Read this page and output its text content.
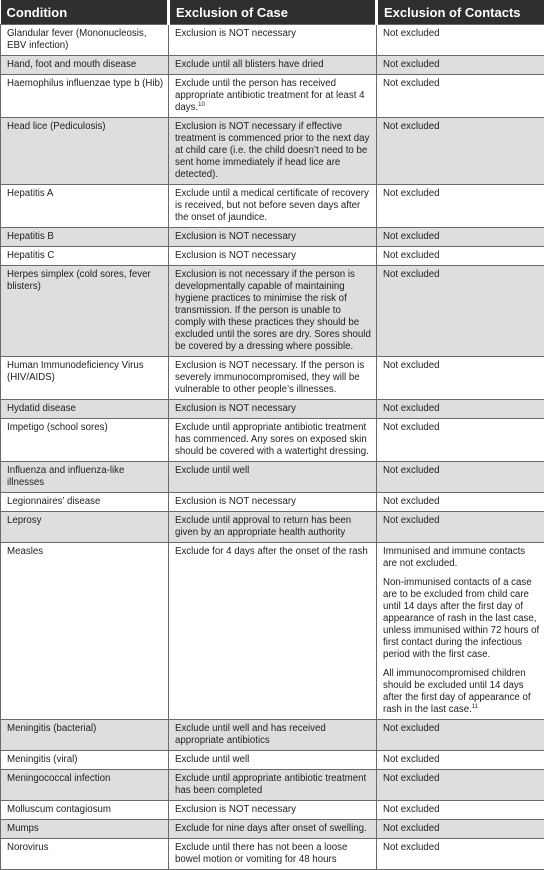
Condition	Exclusion of Case	Exclusion of Contacts
Glandular fever (Mononucleosis, EBV infection)	Exclusion is NOT necessary	Not excluded

Hand, foot and mouth disease	Exclude until all blisters have dried	Not excluded

Haemophilus influenzae type b (Hib)	Exclude until the person has received appropriate antibiotic treatment for at least 4 days.$^{10}$	Not excluded

Head lice (Pediculosis)	Exclusion is NOT necessary if effective treatment is commenced prior to the next day at child care (i.e. the child doesn’t need to be sent home immediately if head lice are detected).	Not excluded

Hepatitis A	Exclude until a medical certificate of recovery is received, but not before seven days after the onset of jaundice.	Not excluded

Hepatitis B	Exclusion is NOT necessary	Not excluded

Hepatitis C	Exclusion is NOT necessary	Not excluded

Herpes simplex (cold sores, fever blisters)	Exclusion is not necessary if the person is developmentally capable of maintaining hygiene practices to minimise the risk of transmission. If the person is unable to comply with these practices they should be excluded until the sores are dry. Sores should be covered by a dressing where possible.	Not excluded

Human Immunodeficiency Virus (HIV/AIDS)	Exclusion is NOT necessary. If the person is severely immunocompromised, they will be vulnerable to other people’s illnesses.	Not excluded

Hydatid disease	Exclusion is NOT necessary	Not excluded

Impetigo (school sores)	Exclude until appropriate antibiotic treatment has commenced. Any sores on exposed skin should be covered with a watertight dressing.	Not excluded

Influenza and influenza-like illnesses	Exclude until well	Not excluded

Legionnaires’ disease	Exclusion is NOT necessary	Not excluded

Leprosy	Exclude until approval to return has been given by an appropriate health authority	Not excluded

Measles	Exclude for 4 days after the onset of the rash	Immunised and immune contacts are not excluded.
Non-immunised contacts of a case are to be excluded from child care until 14 days after the first day of appearance of rash in the last case, unless immunised within 72 hours of first contact during the infectious period with the first case.
All immunocompromised children should be excluded until 14 days after the first day of appearance of rash in the last case.$^{11}$

Meningitis (bacterial)	Exclude until well and has received appropriate antibiotics	Not excluded

Meningitis (viral)	Exclude until well	Not excluded

Meningococcal infection	Exclude until appropriate antibiotic treatment has been completed	Not excluded

Molluscum contagiosum	Exclusion is NOT necessary	Not excluded

Mumps	Exclude for nine days after onset of swelling.	Not excluded

Norovirus	Exclude until there has not been a loose bowel motion or vomiting for 48 hours	Not excluded
